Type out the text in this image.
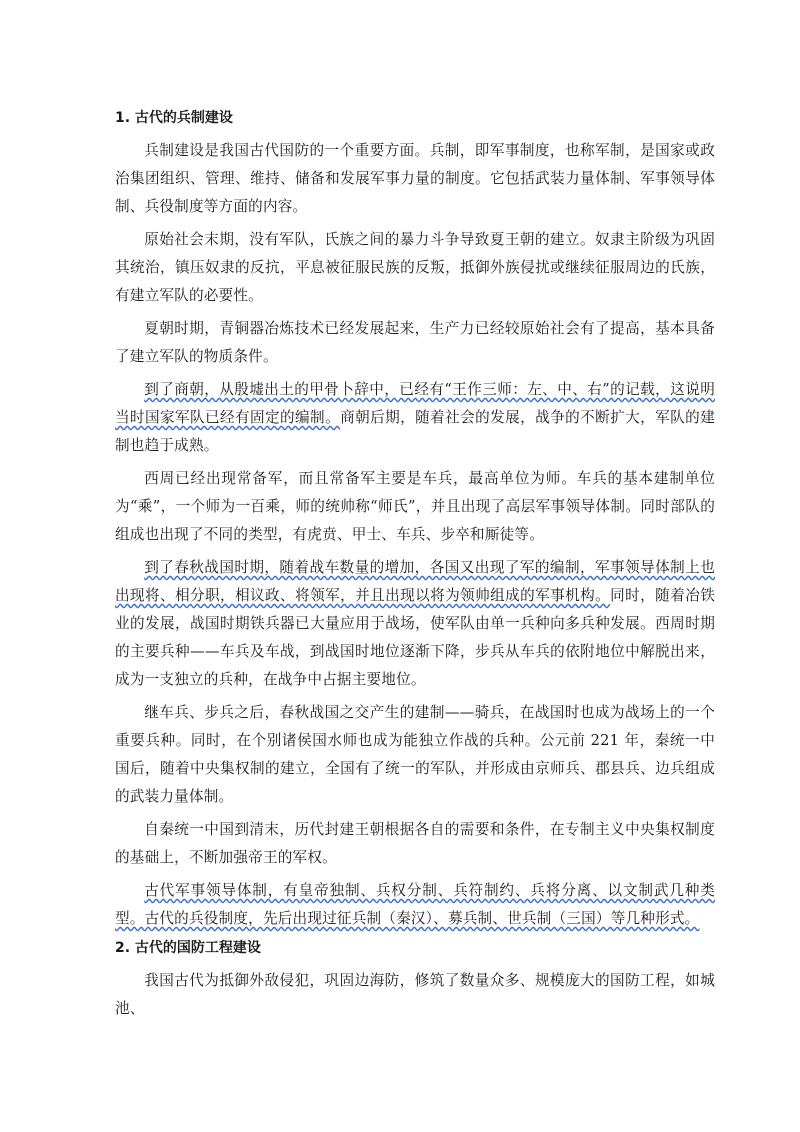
1. 古代的兵制建设

兵制建设是我国古代国防的一个重要方面。兵制，即军事制度，也称军制，是国家或政治集团组织、管理、维持、储备和发展军事力量的制度。它包括武装力量体制、军事领导体制、兵役制度等方面的内容。

原始社会末期，没有军队，氏族之间的暴力斗争导致夏王朝的建立。奴隶主阶级为巩固其统治，镇压奴隶的反抗，平息被征服民族的反叛，抵御外族侵扰或继续征服周边的氏族，有建立军队的必要性。

夏朝时期，青铜器冶炼技术已经发展起来，生产力已经较原始社会有了提高，基本具备了建立军队的物质条件。

到了商朝，从殷墟出土的甲骨卜辞中，已经有“王作三师：左、中、右”的记载，这说明当时国家军队已经有固定的编制。商朝后期，随着社会的发展，战争的不断扩大，军队的建制也趋于成熟。

西周已经出现常备军，而且常备军主要是车兵，最高单位为师。车兵的基本建制单位为“乘”，一个师为一百乘，师的统帅称“师氏”，并且出现了高层军事领导体制。同时部队的组成也出现了不同的类型，有虎贲、甲士、车兵、步卒和厮徒等。

到了春秋战国时期，随着战车数量的增加，各国又出现了军的编制，军事领导体制上也出现将、相分职，相议政、将领军，并且出现以将为领帅组成的军事机构。同时，随着冶铁业的发展，战国时期铁兵器已大量应用于战场，使军队由单一兵种向多兵种发展。西周时期的主要兵种——车兵及车战，到战国时地位逐渐下降，步兵从车兵的依附地位中解脱出来，成为一支独立的兵种，在战争中占据主要地位。

继车兵、步兵之后，春秋战国之交产生的建制——骑兵，在战国时也成为战场上的一个重要兵种。同时，在个别诸侯国水师也成为能独立作战的兵种。公元前 221 年，秦统一中国后，随着中央集权制的建立，全国有了统一的军队，并形成由京师兵、郡县兵、边兵组成的武装力量体制。

自秦统一中国到清末，历代封建王朝根据各自的需要和条件，在专制主义中央集权制度的基础上，不断加强帝王的军权。

古代军事领导体制，有皇帝独制、兵权分制、兵符制约、兵将分离、以文制武几种类型。古代的兵役制度，先后出现过征兵制（秦汉）、募兵制、世兵制（三国）等几种形式。

2. 古代的国防工程建设

我国古代为抵御外敌侵犯，巩固边海防，修筑了数量众多、规模庞大的国防工程，如城池、
